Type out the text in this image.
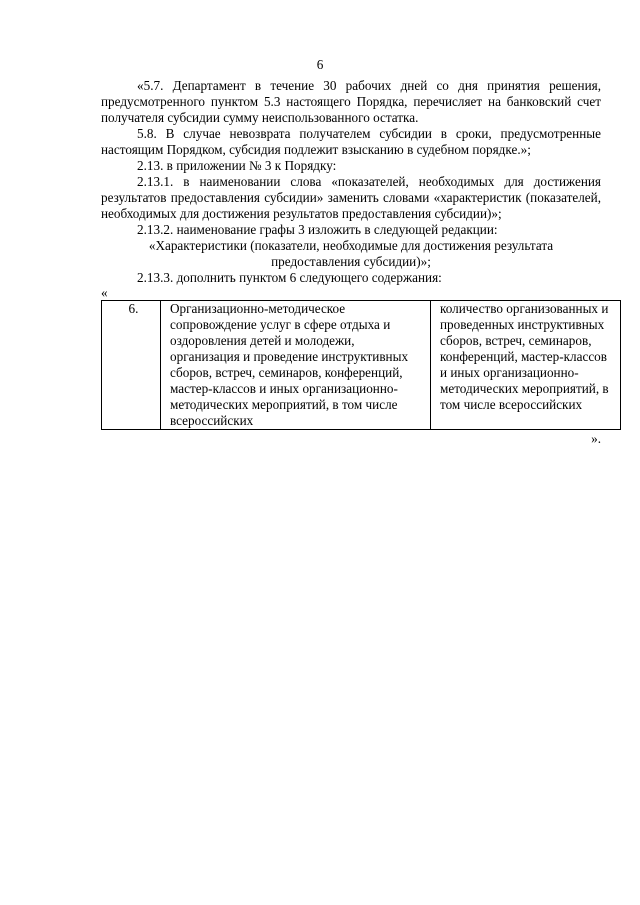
6

«5.7. Департамент в течение 30 рабочих дней со дня принятия решения, предусмотренного пунктом 5.3 настоящего Порядка, перечисляет на банковский счет получателя субсидии сумму неиспользованного остатка.

5.8. В случае невозврата получателем субсидии в сроки, предусмотренные настоящим Порядком, субсидия подлежит взысканию в судебном порядке.»;

2.13. в приложении № 3 к Порядку:

2.13.1. в наименовании слова «показателей, необходимых для достижения результатов предоставления субсидии» заменить словами «характеристик (показателей, необходимых для достижения результатов предоставления субсидии)»;

2.13.2. наименование графы 3 изложить в следующей редакции:

«Характеристики (показатели, необходимые для достижения результата

предоставления субсидии)»;

2.13.3. дополнить пунктом 6 следующего содержания:

«

6.	Организационно-методическое сопровождение услуг в сфере отдыха и оздоровления детей и молодежи, организация и проведение инструктивных сборов, встреч, семинаров, конференций, мастер-классов и иных организационно-методических мероприятий, в том числе всероссийских	количество организованных и проведенных инструктивных сборов, встреч, семинаров, конференций, мастер-классов и иных организационно-методических мероприятий, в том числе всероссийских

».
